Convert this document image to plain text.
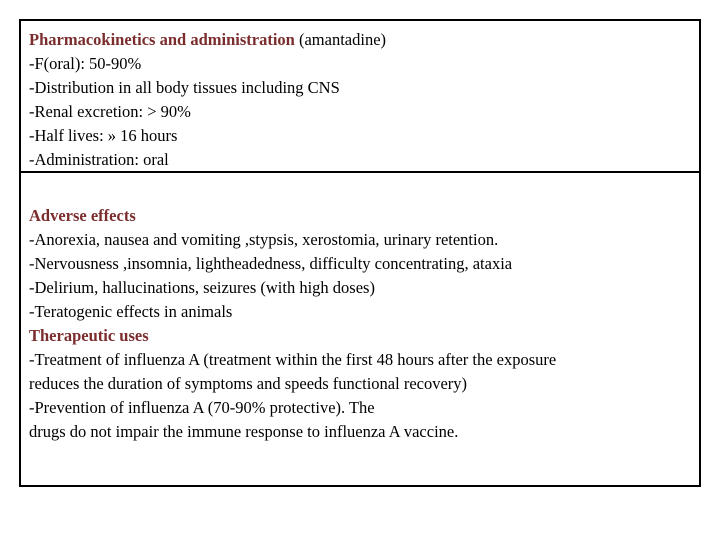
Pharmacokinetics and administration (amantadine)
-F(oral): 50-90%
-Distribution in all body tissues including CNS
-Renal excretion: > 90%
-Half lives: » 16 hours
-Administration: oral
Adverse effects
-Anorexia, nausea and vomiting ,stypsis, xerostomia, urinary retention.
-Nervousness ,insomnia, lightheadedness, difficulty concentrating, ataxia
-Delirium, hallucinations, seizures (with high doses)
-Teratogenic effects in animals
Therapeutic uses
-Treatment of influenza A (treatment within the first 48 hours after the exposure
reduces the duration of symptoms and speeds functional recovery)
-Prevention of influenza A (70-90% protective). The
drugs do not impair the immune response to influenza A vaccine.
